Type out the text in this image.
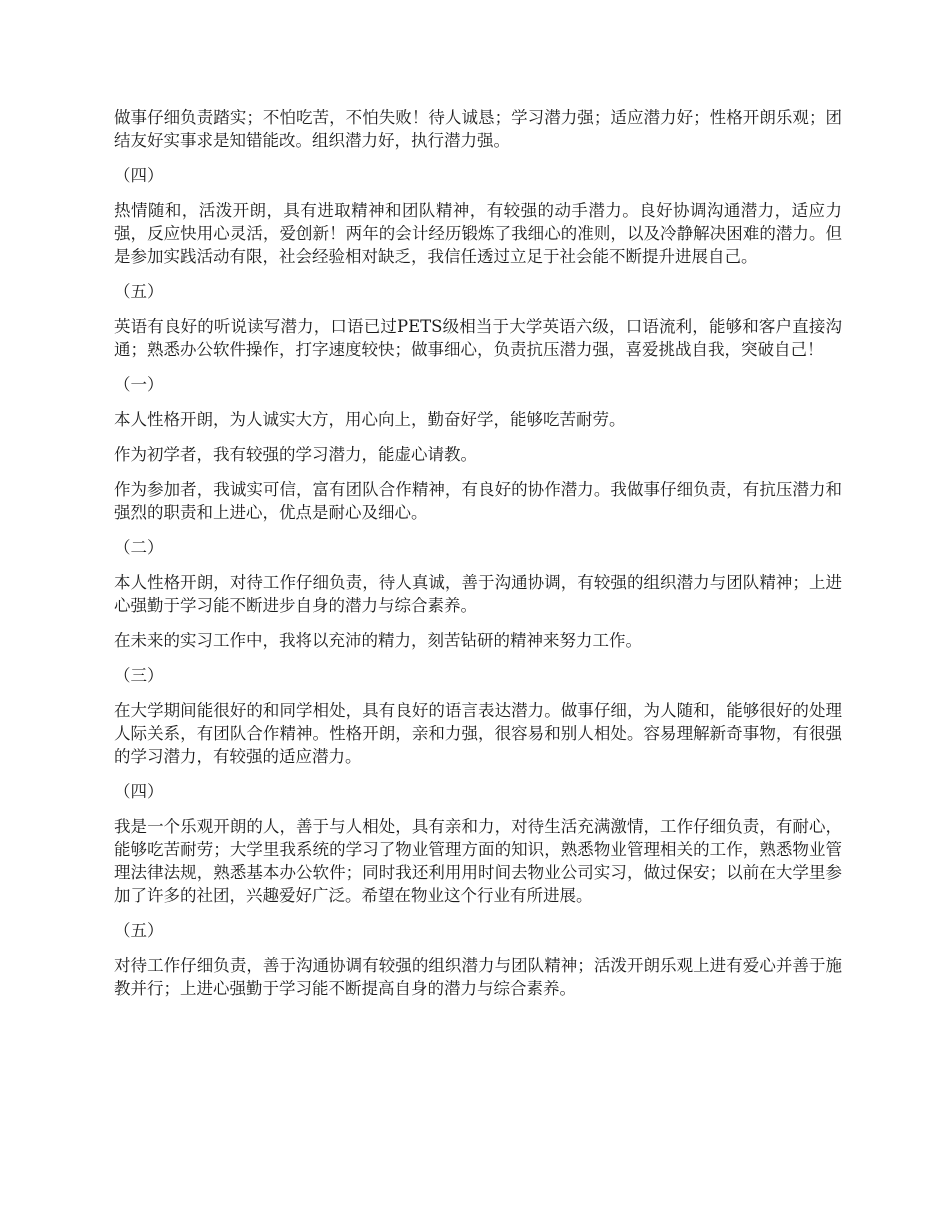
做事仔细负责踏实；不怕吃苦，不怕失败！待人诚恳；学习潜力强；适应潜力好；性格开朗乐观；团结友好实事求是知错能改。组织潜力好，执行潜力强。

（四）

热情随和，活泼开朗，具有进取精神和团队精神，有较强的动手潜力。良好协调沟通潜力，适应力强，反应快用心灵活，爱创新！两年的会计经历锻炼了我细心的准则，以及冷静解决困难的潜力。但是参加实践活动有限，社会经验相对缺乏，我信任透过立足于社会能不断提升进展自己。

（五）

英语有良好的听说读写潜力，口语已过PETS级相当于大学英语六级，口语流利，能够和客户直接沟通；熟悉办公软件操作，打字速度较快；做事细心，负责抗压潜力强，喜爱挑战自我，突破自己！

（一）

本人性格开朗，为人诚实大方，用心向上，勤奋好学，能够吃苦耐劳。

作为初学者，我有较强的学习潜力，能虚心请教。

作为参加者，我诚实可信，富有团队合作精神，有良好的协作潜力。我做事仔细负责，有抗压潜力和强烈的职责和上进心，优点是耐心及细心。

（二）

本人性格开朗，对待工作仔细负责，待人真诚，善于沟通协调，有较强的组织潜力与团队精神；上进心强勤于学习能不断进步自身的潜力与综合素养。

在未来的实习工作中，我将以充沛的精力，刻苦钻研的精神来努力工作。

（三）

在大学期间能很好的和同学相处，具有良好的语言表达潜力。做事仔细，为人随和，能够很好的处理人际关系，有团队合作精神。性格开朗，亲和力强，很容易和别人相处。容易理解新奇事物，有很强的学习潜力，有较强的适应潜力。

（四）

我是一个乐观开朗的人，善于与人相处，具有亲和力，对待生活充满激情，工作仔细负责，有耐心，能够吃苦耐劳；大学里我系统的学习了物业管理方面的知识，熟悉物业管理相关的工作，熟悉物业管理法律法规，熟悉基本办公软件；同时我还利用用时间去物业公司实习，做过保安；以前在大学里参加了许多的社团，兴趣爱好广泛。希望在物业这个行业有所进展。

（五）

对待工作仔细负责，善于沟通协调有较强的组织潜力与团队精神；活泼开朗乐观上进有爱心并善于施教并行；上进心强勤于学习能不断提高自身的潜力与综合素养。
